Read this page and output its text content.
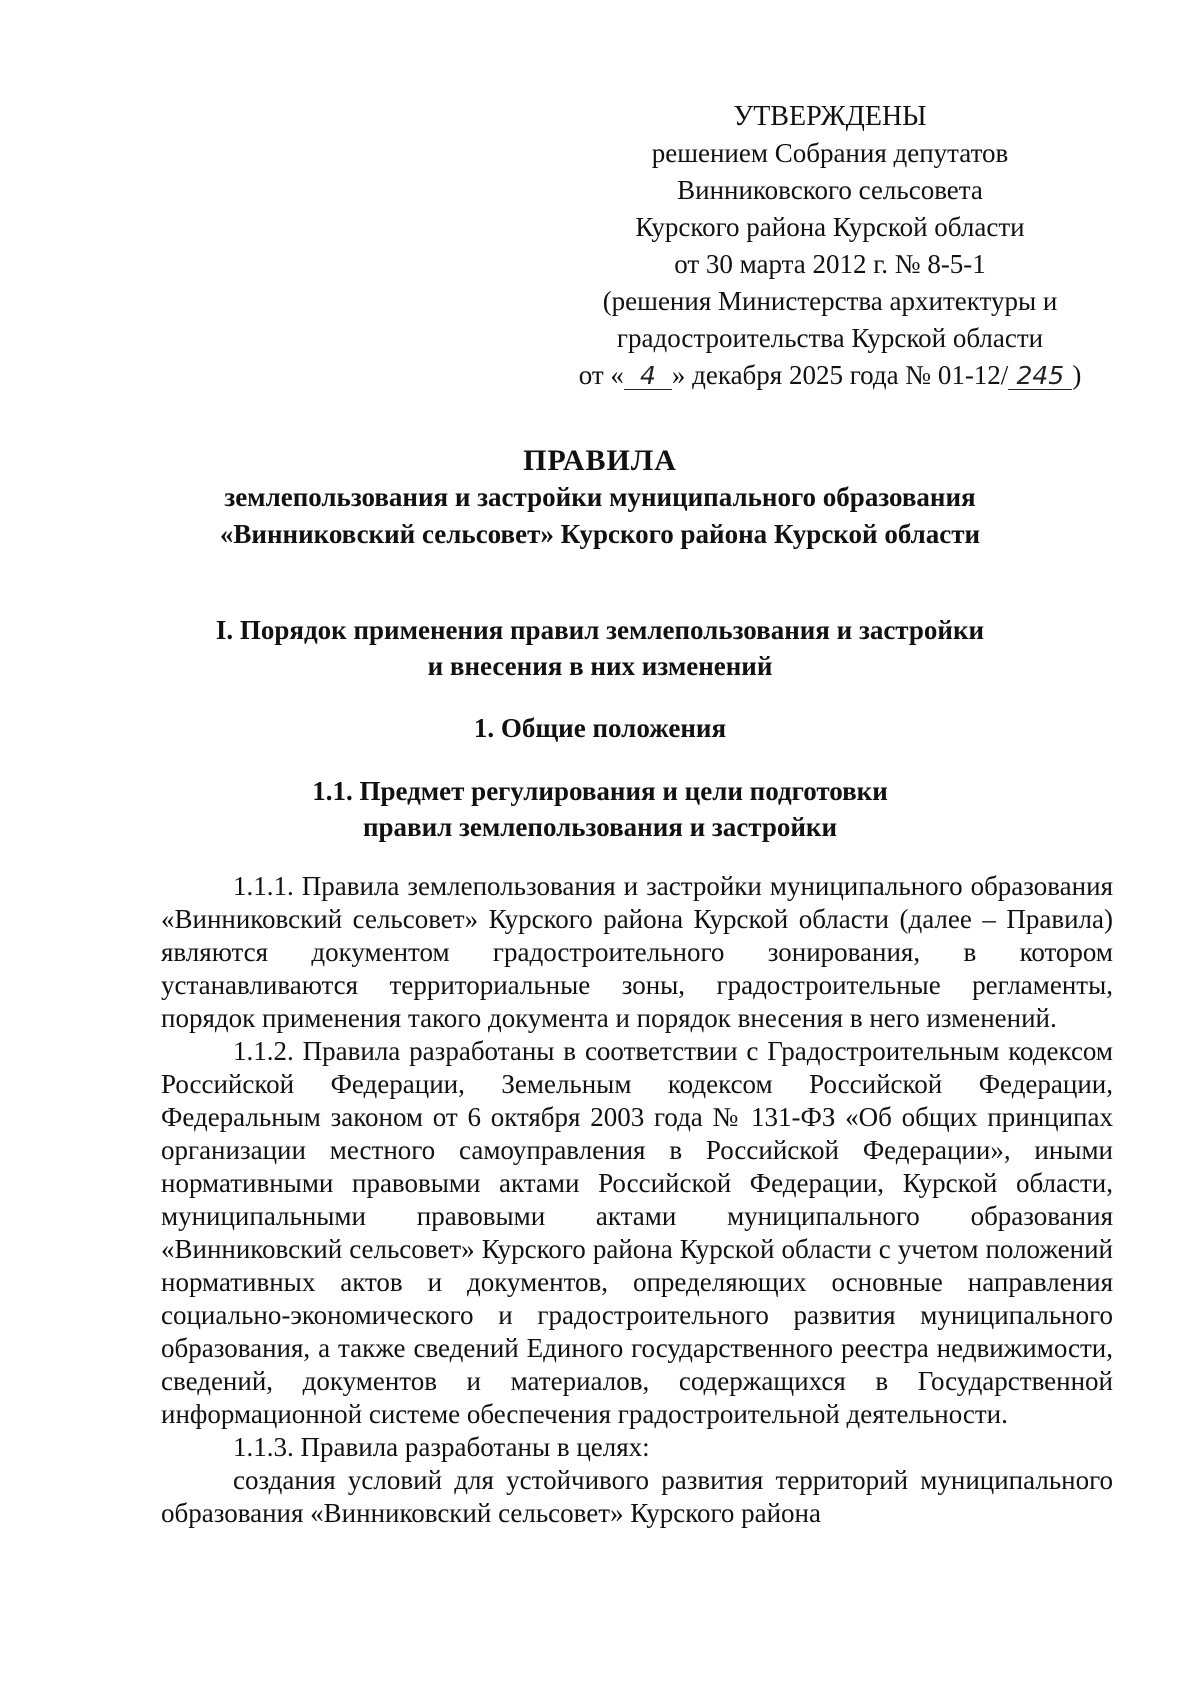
УТВЕРЖДЕНЫ
решением Собрания депутатов
Винниковского сельсовета
Курского района Курской области
от 30 марта 2012 г. № 8-5-1
(решения Министерства архитектуры и
градостроительства Курской области
от « 4 » декабря 2025 года № 01-12/ 245 )
ПРАВИЛА
землепользования и застройки муниципального образования
«Винниковский сельсовет» Курского района Курской области
I. Порядок применения правил землепользования и застройки
и внесения в них изменений
1. Общие положения
1.1. Предмет регулирования и цели подготовки
правил землепользования и застройки

1.1.1. Правила землепользования и застройки муниципального образования «Винниковский сельсовет» Курского района Курской области (далее – Правила) являются документом градостроительного зонирования, в котором устанавливаются территориальные зоны, градостроительные регламенты, порядок применения такого документа и порядок внесения в него изменений.

1.1.2. Правила разработаны в соответствии с Градостроительным кодексом Российской Федерации, Земельным кодексом Российской Федерации, Федеральным законом от 6 октября 2003 года № 131-ФЗ «Об общих принципах организации местного самоуправления в Российской Федерации», иными нормативными правовыми актами Российской Федерации, Курской области, муниципальными правовыми актами муниципального образования «Винниковский сельсовет» Курского района Курской области с учетом положений нормативных актов и документов, определяющих основные направления социально-экономического и градостроительного развития муниципального образования, а также сведений Единого государственного реестра недвижимости, сведений, документов и материалов, содержащихся в Государственной информационной системе обеспечения градостроительной деятельности.

1.1.3. Правила разработаны в целях:

создания условий для устойчивого развития территорий муниципального образования «Винниковский сельсовет» Курского района
